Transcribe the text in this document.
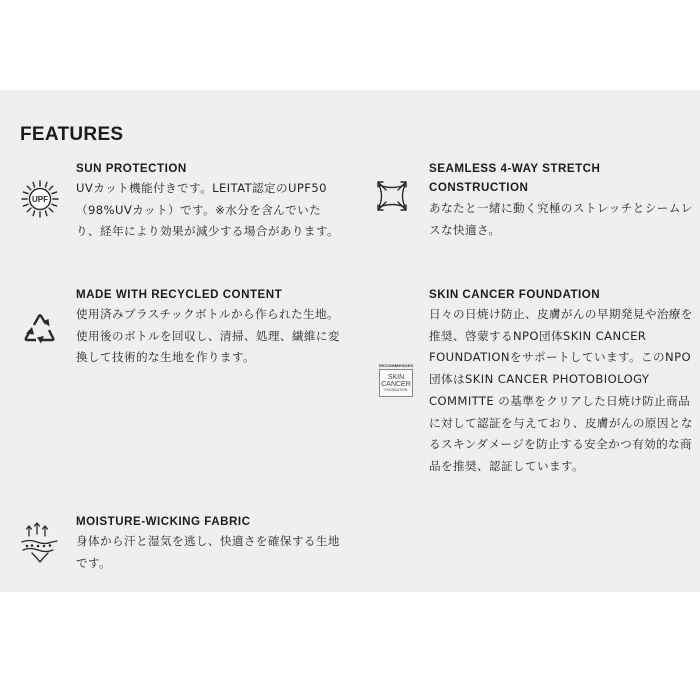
FEATURES
UPF
SUN PROTECTION
UVカット機能付きです。LEITAT認定のUPF50（98%UVカット）です。※水分を含んでいたり、経年により効果が減少する場合があります。
MADE WITH RECYCLED CONTENT
使用済みプラスチックボトルから作られた生地。使用後のボトルを回収し、清掃、処理、繊維に変換して技術的な生地を作ります。
MOISTURE-WICKING FABRIC
身体から汗と湿気を逃し、快適さを確保する生地です。
SEAMLESS 4-WAY STRETCH
CONSTRUCTION
あなたと一緒に動く究極のストレッチとシームレスな快適さ。
RECOMMENDED
SKIN
CANCER
FOUNDATION
SKIN CANCER FOUNDATION
日々の日焼け防止、皮膚がんの早期発見や治療を推奨、啓蒙するNPO団体SKIN CANCER FOUNDATIONをサポートしています。このNPO団体はSKIN CANCER PHOTOBIOLOGY COMMITTE の基準をクリアした日焼け防止商品に対して認証を与えており、皮膚がんの原因となるスキンダメージを防止する安全かつ有効的な商品を推奨、認証しています。
